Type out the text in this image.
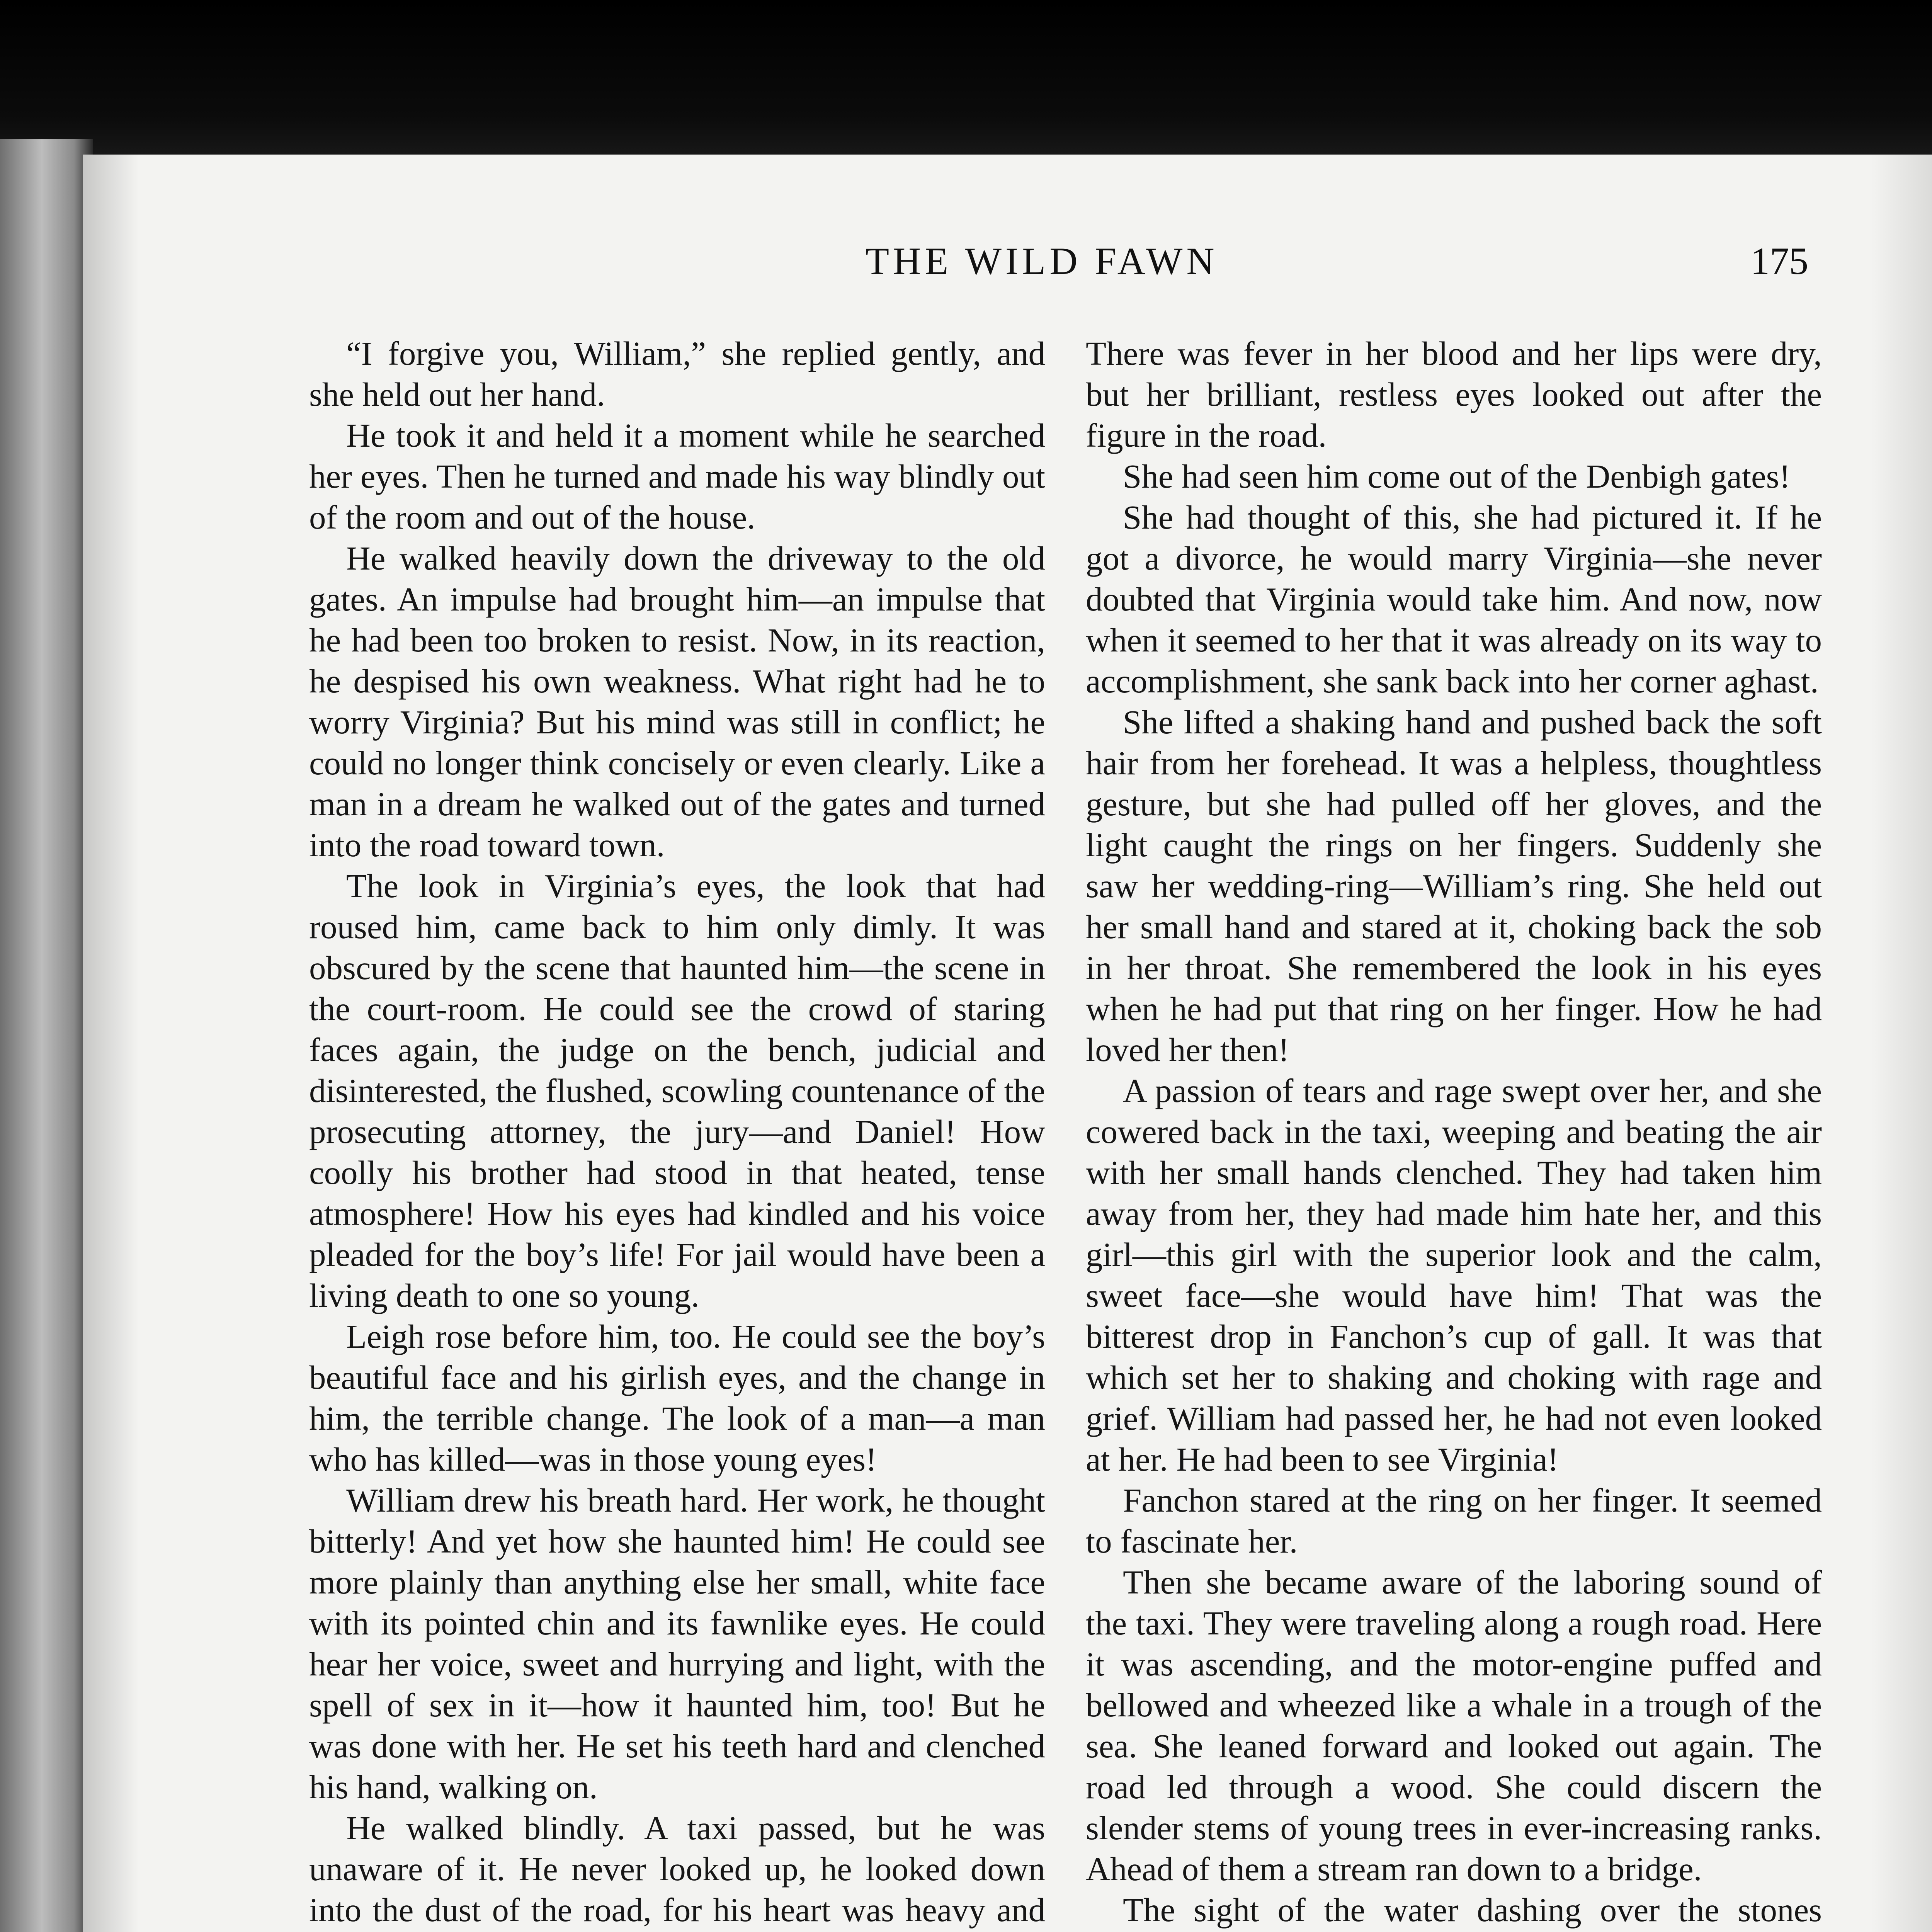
THE WILD FAWN	175

“I forgive you, William,” she replied gently, and she held out her hand.

He took it and held it a moment while he searched her eyes. Then he turned and made his way blindly out of the room and out of the house.

He walked heavily down the driveway to the old gates. An impulse had brought him—an impulse that he had been too broken to resist. Now, in its reaction, he despised his own weakness. What right had he to worry Virginia? But his mind was still in conflict; he could no longer think concisely or even clearly. Like a man in a dream he walked out of the gates and turned into the road toward town.

The look in Virginia’s eyes, the look that had roused him, came back to him only dimly. It was obscured by the scene that haunted him—the scene in the court-room. He could see the crowd of staring faces again, the judge on the bench, judicial and disinterested, the flushed, scowling countenance of the prosecuting attorney, the jury—and Daniel! How coolly his brother had stood in that heated, tense atmosphere! How his eyes had kindled and his voice pleaded for the boy’s life! For jail would have been a living death to one so young.

Leigh rose before him, too. He could see the boy’s beautiful face and his girlish eyes, and the change in him, the terrible change. The look of a man—a man who has killed—was in those young eyes!

William drew his breath hard. Her work, he thought bitterly! And yet how she haunted him! He could see more plainly than anything else her small, white face with its pointed chin and its fawnlike eyes. He could hear her voice, sweet and hurrying and light, with the spell of sex in it—how it haunted him, too! But he was done with her. He set his teeth hard and clenched his hand, walking on.

He walked blindly. A taxi passed, but he was unaware of it. He never looked up, he looked down into the dust of the road, for his heart was heavy and

There was fever in her blood and her lips were dry, but her brilliant, restless eyes looked out after the figure in the road.

She had seen him come out of the Denbigh gates!

She had thought of this, she had pictured it. If he got a divorce, he would marry Virginia—she never doubted that Virginia would take him. And now, now when it seemed to her that it was already on its way to accomplishment, she sank back into her corner aghast.

She lifted a shaking hand and pushed back the soft hair from her forehead. It was a helpless, thoughtless gesture, but she had pulled off her gloves, and the light caught the rings on her fingers. Suddenly she saw her wedding-ring—William’s ring. She held out her small hand and stared at it, choking back the sob in her throat. She remembered the look in his eyes when he had put that ring on her finger. How he had loved her then!

A passion of tears and rage swept over her, and she cowered back in the taxi, weeping and beating the air with her small hands clenched. They had taken him away from her, they had made him hate her, and this girl—this girl with the superior look and the calm, sweet face—she would have him! That was the bitterest drop in Fanchon’s cup of gall. It was that which set her to shaking and choking with rage and grief. William had passed her, he had not even looked at her. He had been to see Virginia!

Fanchon stared at the ring on her finger. It seemed to fascinate her.

Then she became aware of the laboring sound of the taxi. They were traveling along a rough road. Here it was ascending, and the motor-engine puffed and bellowed and wheezed like a whale in a trough of the sea. She leaned forward and looked out again. The road led through a wood. She could discern the slender stems of young trees in ever-increasing ranks. Ahead of them a stream ran down to a bridge.

The sight of the water dashing over the stones
